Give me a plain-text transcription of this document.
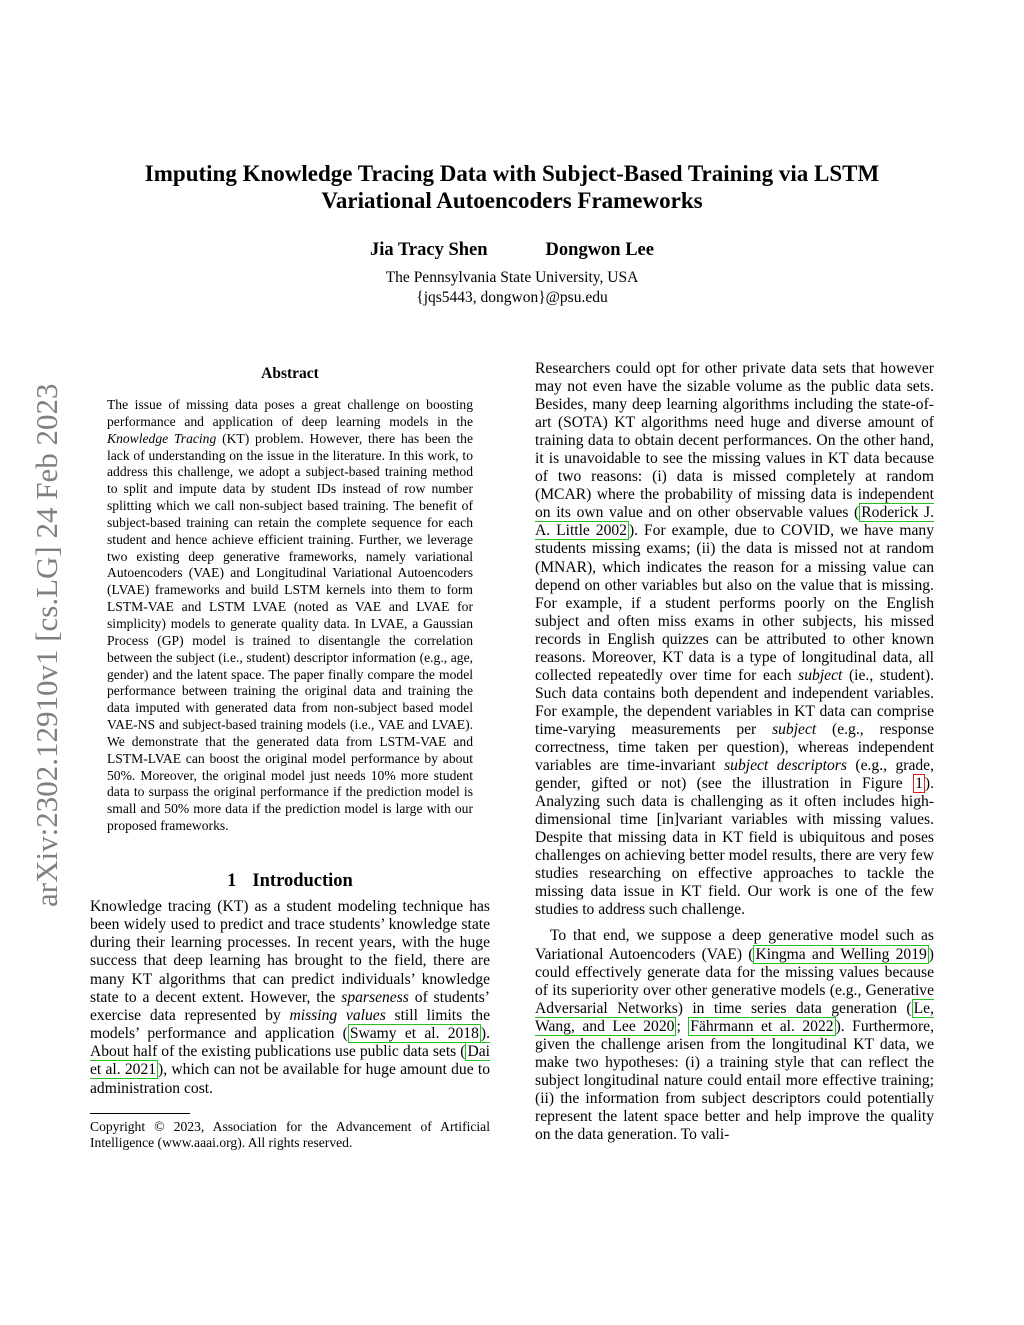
arXiv:2302.12910v1 [cs.LG] 24 Feb 2023
Imputing Knowledge Tracing Data with Subject-Based Training via LSTM
Variational Autoencoders Frameworks
Jia Tracy Shen	Dongwon Lee
The Pennsylvania State University, USA
{jqs5443, dongwon}@psu.edu
Abstract

The issue of missing data poses a great challenge on boosting performance and application of deep learning models in the Knowledge Tracing (KT) problem. However, there has been the lack of understanding on the issue in the literature. In this work, to address this challenge, we adopt a subject-based training method to split and impute data by student IDs instead of row number splitting which we call non-subject based training. The benefit of subject-based training can retain the complete sequence for each student and hence achieve efficient training. Further, we leverage two existing deep generative frameworks, namely variational Autoencoders (VAE) and Longitudinal Variational Autoencoders (LVAE) frameworks and build LSTM kernels into them to form LSTM-VAE and LSTM LVAE (noted as VAE and LVAE for simplicity) models to generate quality data. In LVAE, a Gaussian Process (GP) model is trained to disentangle the correlation between the subject (i.e., student) descriptor information (e.g., age, gender) and the latent space. The paper finally compare the model performance between training the original data and training the data imputed with generated data from non-subject based model VAE-NS and subject-based training models (i.e., VAE and LVAE). We demonstrate that the generated data from LSTM-VAE and LSTM-LVAE can boost the original model performance by about 50%. Moreover, the original model just needs 10% more student data to surpass the original performance if the prediction model is small and 50% more data if the prediction model is large with our proposed frameworks.

1 Introduction

Knowledge tracing (KT) as a student modeling technique has been widely used to predict and trace students’ knowledge state during their learning processes. In recent years, with the huge success that deep learning has brought to the field, there are many KT algorithms that can predict individuals’ knowledge state to a decent extent. However, the sparseness of students’ exercise data represented by missing values still limits the models’ performance and application ( Swamy et al. 2018 ). About half of the existing publications use public data sets ( Dai et al. 2021 ), which can not be available for huge amount due to administration cost.

Copyright © 2023, Association for the Advancement of Artificial Intelligence (www.aaai.org). All rights reserved.

Researchers could opt for other private data sets that however may not even have the sizable volume as the public data sets. Besides, many deep learning algorithms including the state-of-art (SOTA) KT algorithms need huge and diverse amount of training data to obtain decent performances. On the other hand, it is unavoidable to see the missing values in KT data because of two reasons: (i) data is missed completely at random (MCAR) where the probability of missing data is independent on its own value and on other observable values ( Roderick J. A. Little 2002 ). For example, due to COVID, we have many students missing exams; (ii) the data is missed not at random (MNAR), which indicates the reason for a missing value can depend on other variables but also on the value that is missing. For example, if a student performs poorly on the English subject and often miss exams in other subjects, his missed records in English quizzes can be attributed to other known reasons. Moreover, KT data is a type of longitudinal data, all collected repeatedly over time for each subject (ie., student). Such data contains both dependent and independent variables. For example, the dependent variables in KT data can comprise time-varying measurements per subject (e.g., response correctness, time taken per question), whereas independent variables are time-invariant subject descriptors (e.g., grade, gender, gifted or not) (see the illustration in Figure 1 ). Analyzing such data is challenging as it often includes high-dimensional time [in]variant variables with missing values. Despite that missing data in KT field is ubiquitous and poses challenges on achieving better model results, there are very few studies researching on effective approaches to tackle the missing data issue in KT field. Our work is one of the few studies to address such challenge.

To that end, we suppose a deep generative model such as Variational Autoencoders (VAE) ( Kingma and Welling 2019 ) could effectively generate data for the missing values because of its superiority over other generative models (e.g., Generative Adversarial Networks) in time series data generation ( Le, Wang, and Lee 2020 ; Fährmann et al. 2022 ). Furthermore, given the challenge arisen from the longitudinal KT data, we make two hypotheses: (i) a training style that can reflect the subject longitudinal nature could entail more effective training; (ii) the information from subject descriptors could potentially represent the latent space better and help improve the quality on the data generation. To vali-
